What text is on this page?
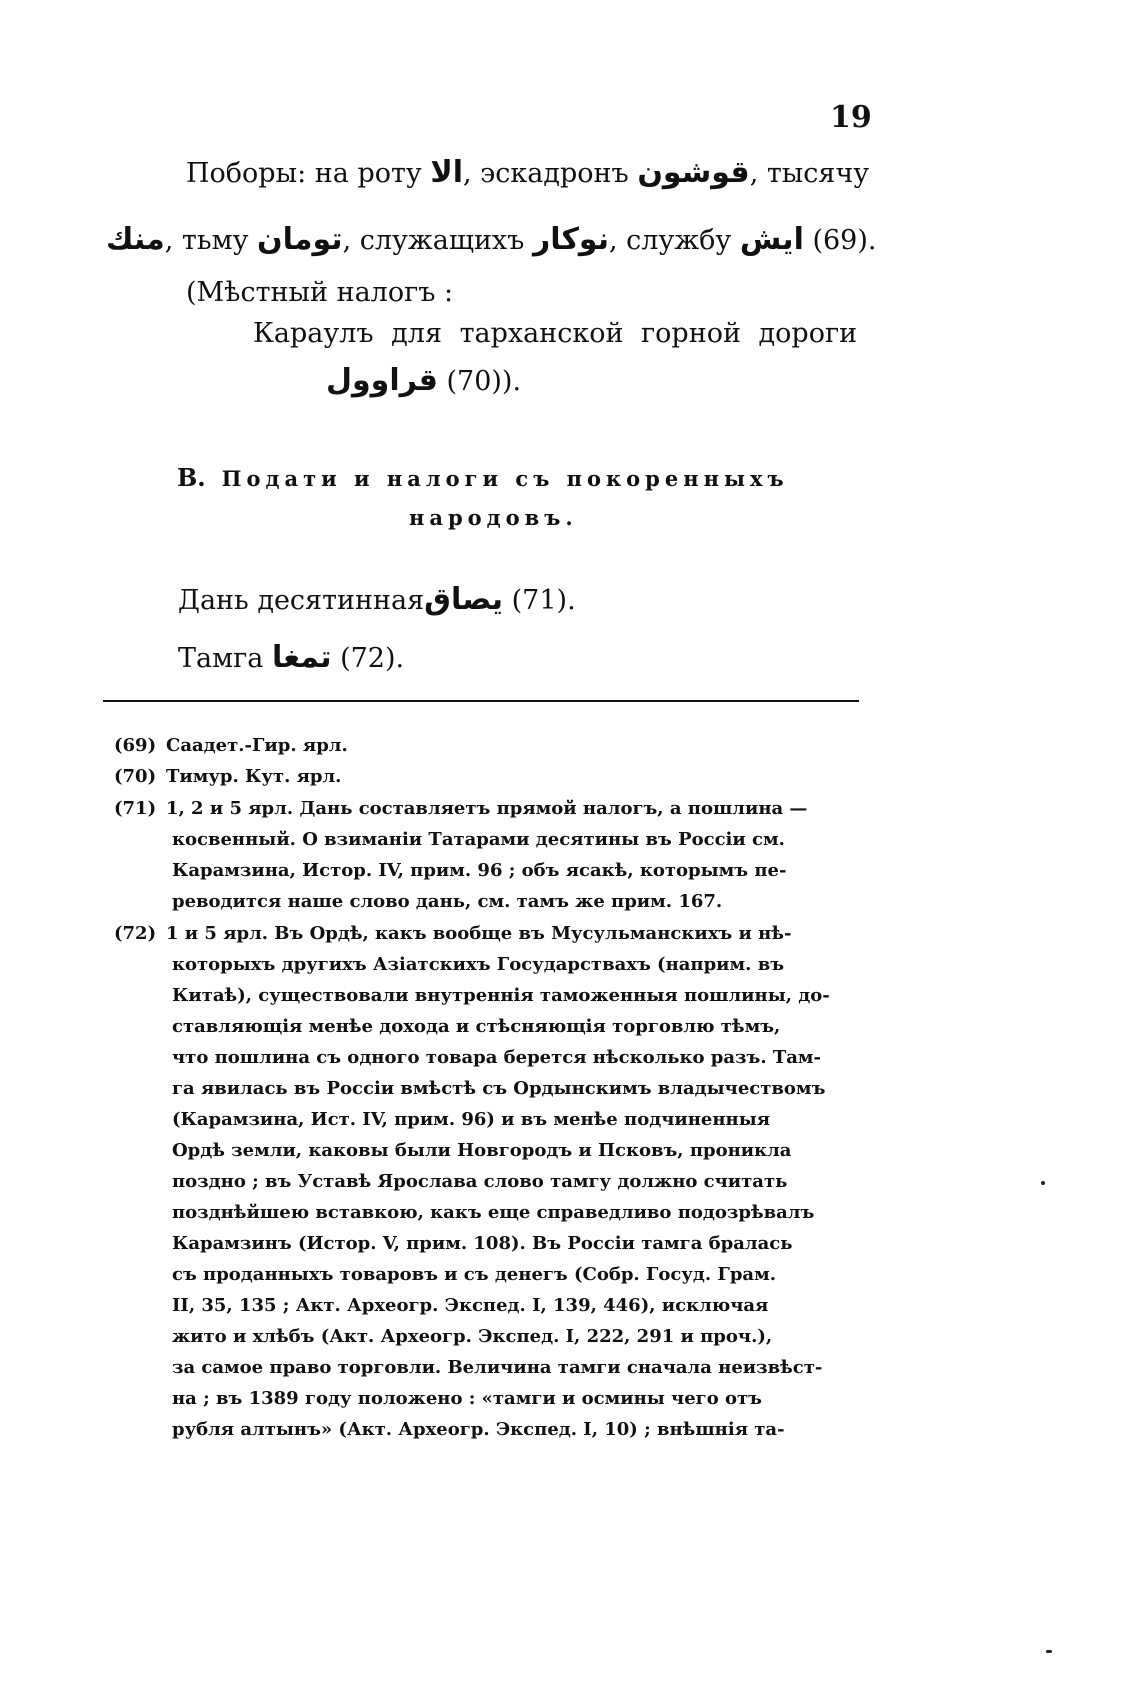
19
Поборы: на роту الا, эскадронъ قوشون, тысячу
منك, тьму تومان, служащихъ نوكار, службу ايش (69).
(Мѣстный налогъ :
Караулъ для тарханской горной дороги
قراوول (70)).
В. Подати и налоги съ покоренныхъ
народовъ.
Дань десятиннаяيصاق (71).
Тамга تمغا (72).
(69) Саадет.-Гир. ярл.
(70) Тимур. Кут. ярл.
(71) 1, 2 и 5 ярл. Дань составляетъ прямой налогъ, а пошлина —
косвенный. О взиманіи Татарами десятины въ Россіи см.
Карамзина, Истор. IV, прим. 96 ; объ ясакѣ, которымъ пе-
реводится наше слово дань, см. тамъ же прим. 167.
(72) 1 и 5 ярл. Въ Ордѣ, какъ вообще въ Мусульманскихъ и нѣ-
которыхъ другихъ Азіатскихъ Государствахъ (наприм. въ
Китаѣ), существовали внутреннія таможенныя пошлины, до-
ставляющія менѣе дохода и стѣсняющія торговлю тѣмъ,
что пошлина съ одного товара берется нѣсколько разъ. Там-
га явилась въ Россіи вмѣстѣ съ Ордынскимъ владычествомъ
(Карамзина, Ист. IV, прим. 96) и въ менѣе подчиненныя
Ордѣ земли, каковы были Новгородъ и Псковъ, проникла
поздно ; въ Уставѣ Ярослава слово тамгу должно считать
позднѣйшею вставкою, какъ еще справедливо подозрѣвалъ
Карамзинъ (Истор. V, прим. 108). Въ Россіи тамга бралась
съ проданныхъ товаровъ и съ денегъ (Собр. Госуд. Грам.
II, 35, 135 ; Акт. Археогр. Экспед. I, 139, 446), исключая
жито и хлѣбъ (Акт. Археогр. Экспед. I, 222, 291 и проч.),
за самое право торговли. Величина тамги сначала неизвѣст-
на ; въ 1389 году положено : «тамги и осмины чего отъ
рубля алтынъ» (Акт. Археогр. Экспед. I, 10) ; внѣшнія та-
